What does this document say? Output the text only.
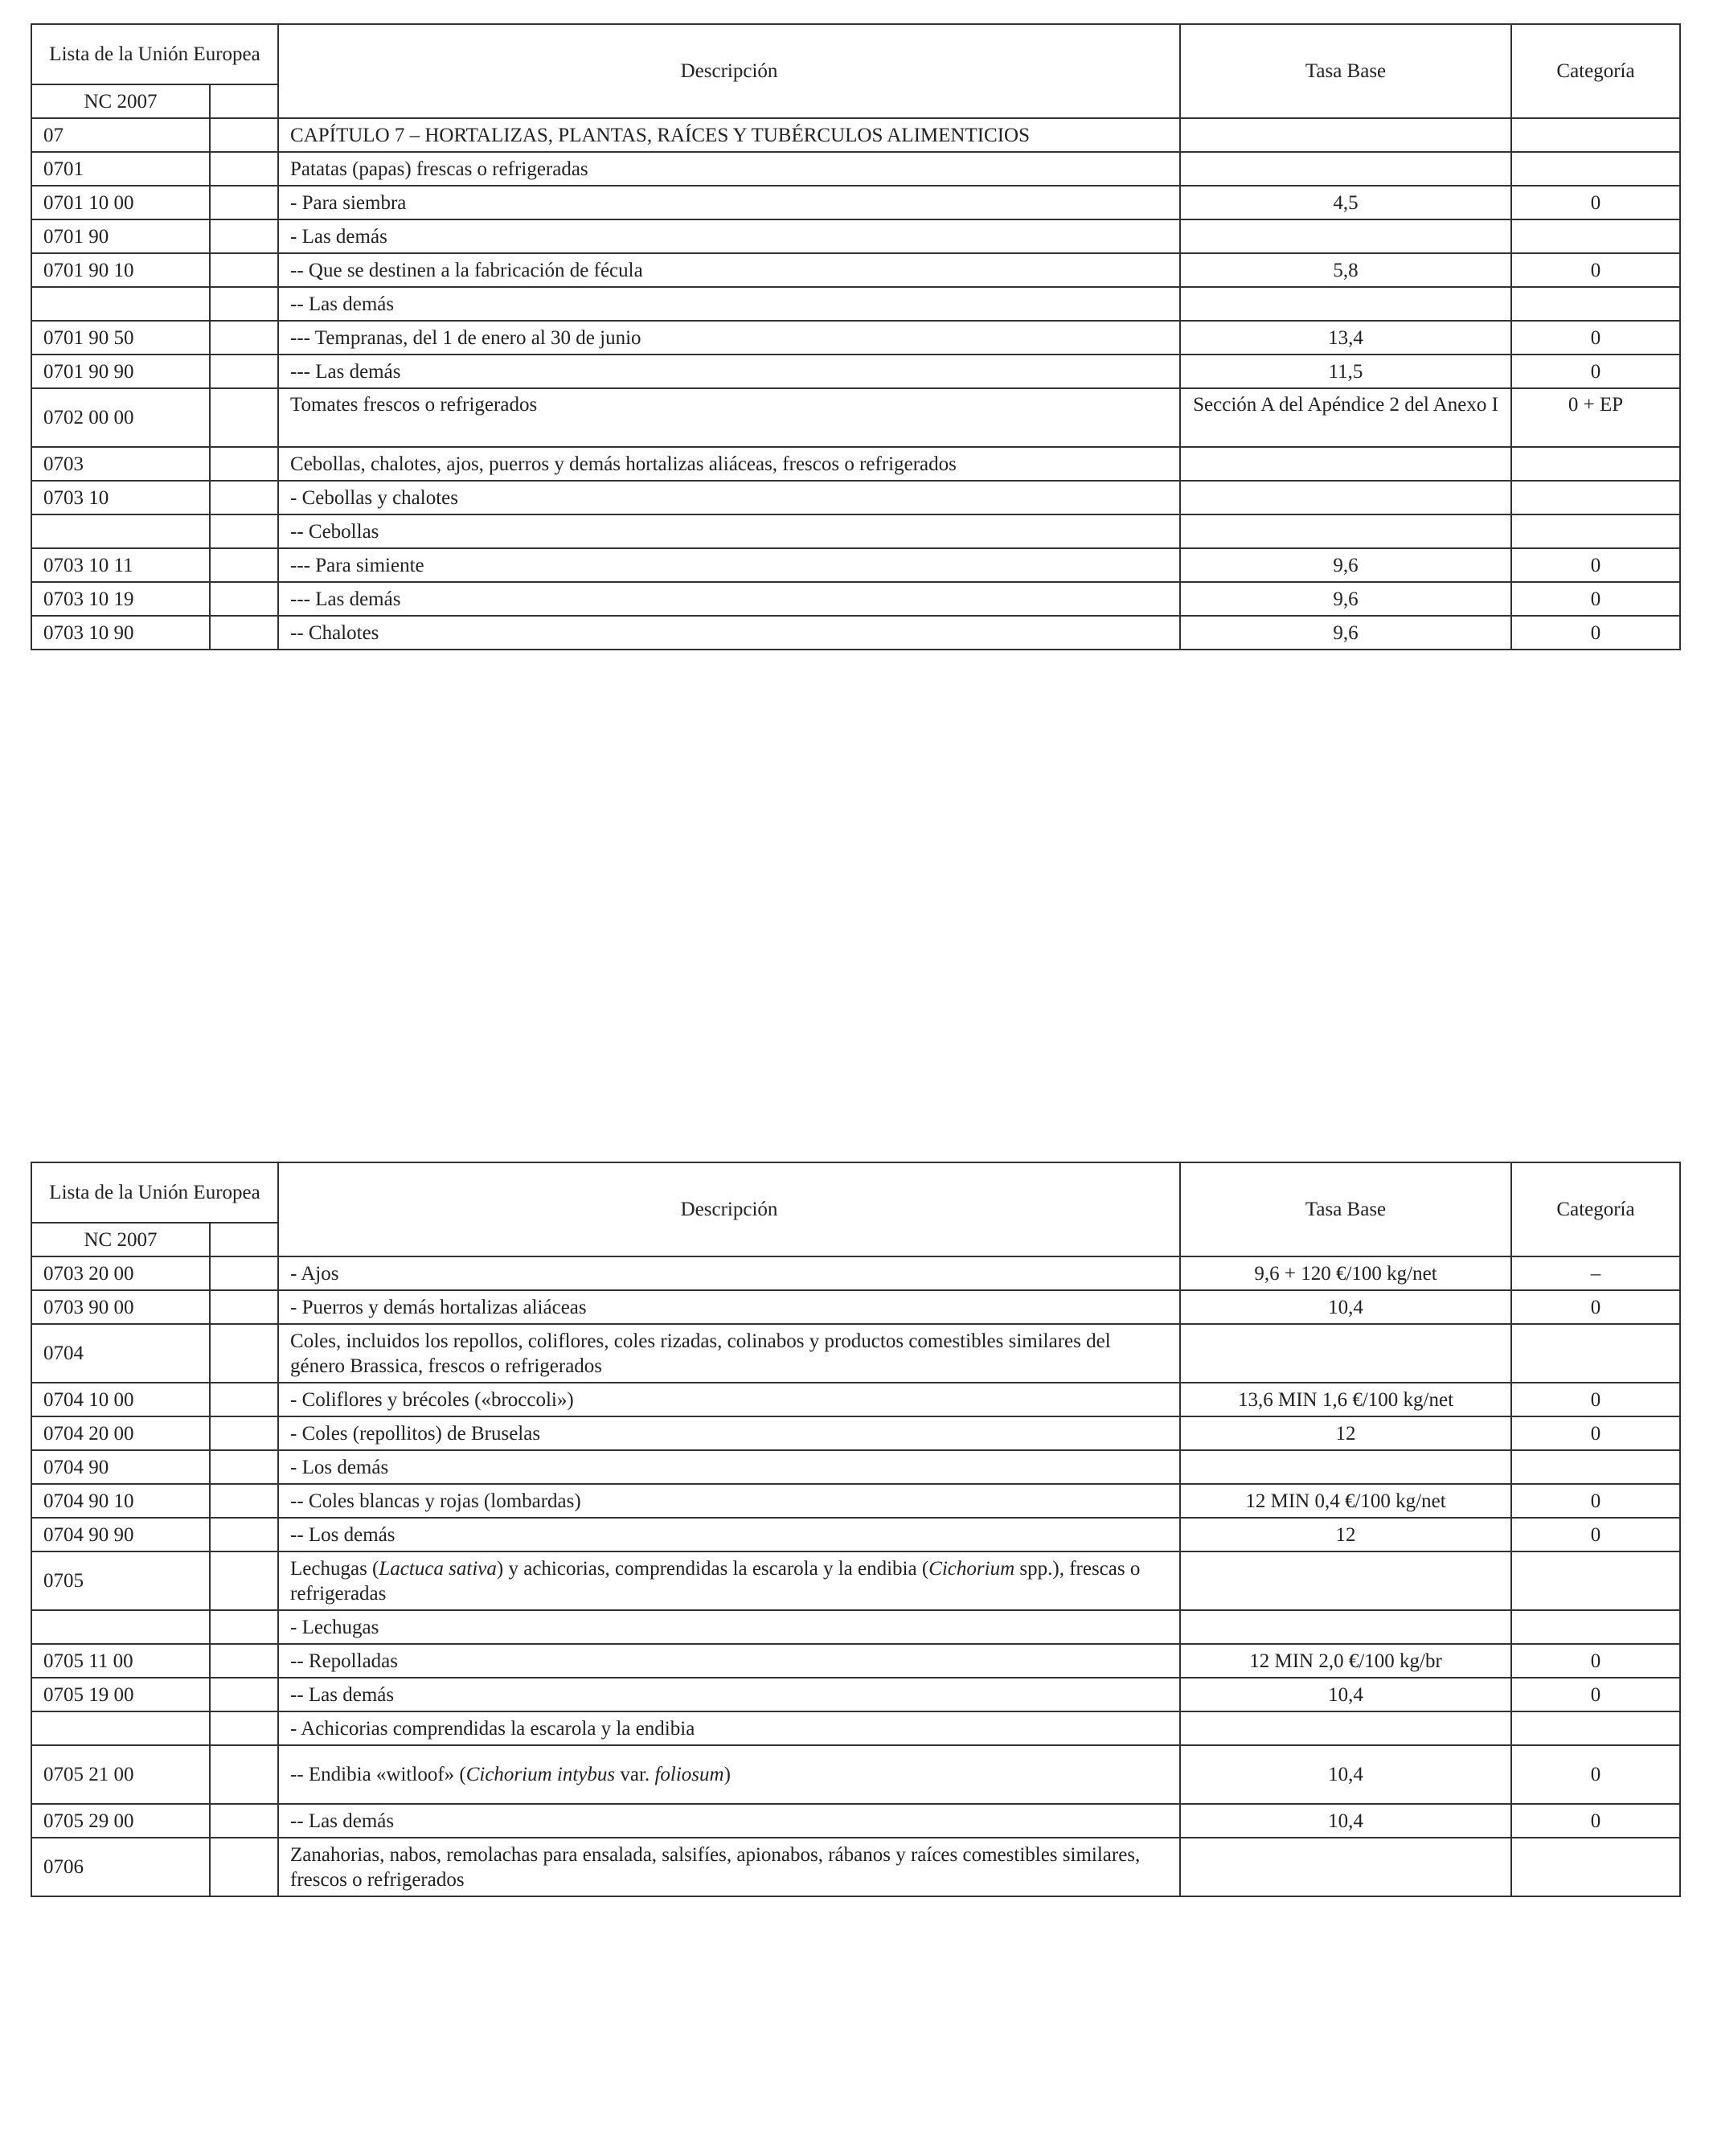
Lista de la Unión Europea		Descripción	Tasa Base	Categoría
NC 2007				
07		CAPÍTULO 7 – HORTALIZAS, PLANTAS, RAÍCES Y TUBÉRCULOS ALIMENTICIOS		
0701		Patatas (papas) frescas o refrigeradas		
0701 10 00		- Para siembra	4,5	0
0701 90		- Las demás		
0701 90 10		-- Que se destinen a la fabricación de fécula	5,8	0
		-- Las demás		
0701 90 50		--- Tempranas, del 1 de enero al 30 de junio	13,4	0
0701 90 90		--- Las demás	11,5	0
0702 00 00		Tomates frescos o refrigerados	Sección A del Apéndice 2 del Anexo I	0 + EP
0703		Cebollas, chalotes, ajos, puerros y demás hortalizas aliáceas, frescos o refrigerados		
0703 10		- Cebollas y chalotes		
		-- Cebollas		
0703 10 11		--- Para simiente	9,6	0
0703 10 19		--- Las demás	9,6	0
0703 10 90		-- Chalotes	9,6	0
Lista de la Unión Europea		Descripción	Tasa Base	Categoría
NC 2007				
0703 20 00		- Ajos	9,6 + 120 €/100 kg/net	–
0703 90 00		- Puerros y demás hortalizas aliáceas	10,4	0
0704		Coles, incluidos los repollos, coliflores, coles rizadas, colinabos y productos comestibles similares del género Brassica, frescos o refrigerados		
0704 10 00		- Coliflores y brécoles («broccoli»)	13,6 MIN 1,6 €/100 kg/net	0
0704 20 00		- Coles (repollitos) de Bruselas	12	0
0704 90		- Los demás		
0704 90 10		-- Coles blancas y rojas (lombardas)	12 MIN 0,4 €/100 kg/net	0
0704 90 90		-- Los demás	12	0
0705		Lechugas (Lactuca sativa) y achicorias, comprendidas la escarola y la endibia (Cichorium spp.), frescas o refrigeradas		
		- Lechugas		
0705 11 00		-- Repolladas	12 MIN 2,0 €/100 kg/br	0
0705 19 00		-- Las demás	10,4	0
		- Achicorias comprendidas la escarola y la endibia		
0705 21 00		-- Endibia «witloof» (Cichorium intybus var. foliosum)	10,4	0
0705 29 00		-- Las demás	10,4	0
0706		Zanahorias, nabos, remolachas para ensalada, salsifíes, apionabos, rábanos y raíces comestibles similares, frescos o refrigerados		
